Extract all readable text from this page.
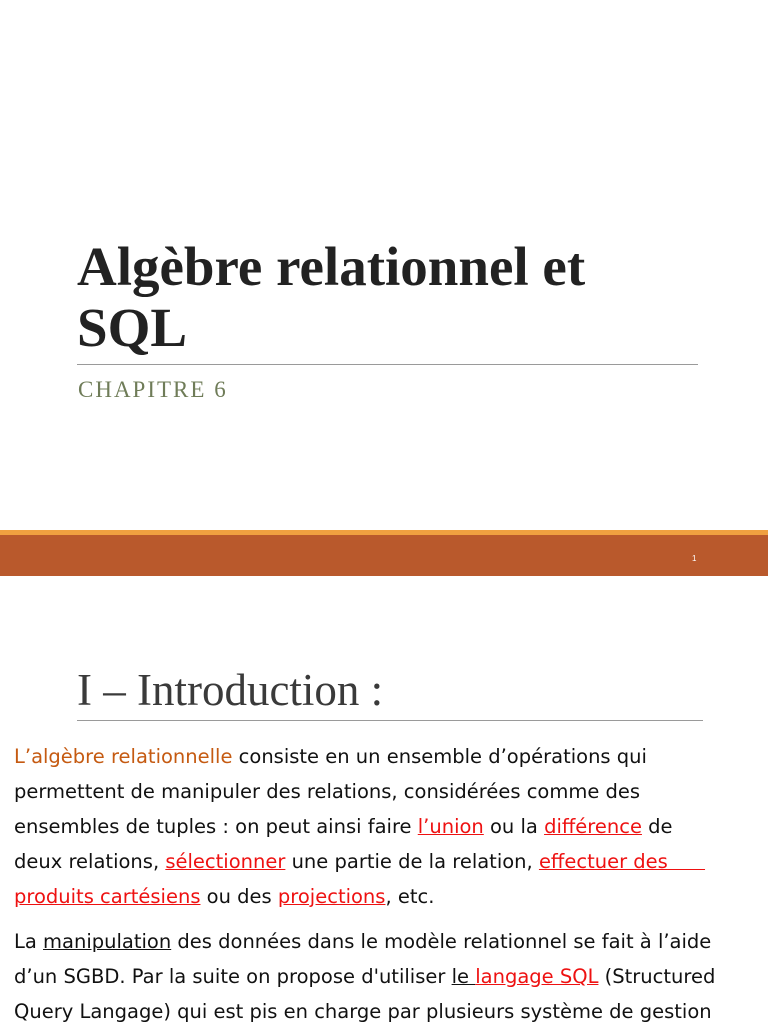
Algèbre relationnel et
SQL

CHAPITRE 6

1
I – Introduction :
L’algèbre relationnelle consiste en un ensemble d’opérations qui
permettent de manipuler des relations, considérées comme des
ensembles de tuples : on peut ainsi faire l’union ou la différence de
deux relations, sélectionner une partie de la relation, effectuer des
produits cartésiens ou des projections, etc.
La manipulation des données dans le modèle relationnel se fait à l’aide
d’un SGBD. Par la suite on propose d'utiliser le langage SQL (Structured
Query Langage) qui est pis en charge par plusieurs système de gestion
